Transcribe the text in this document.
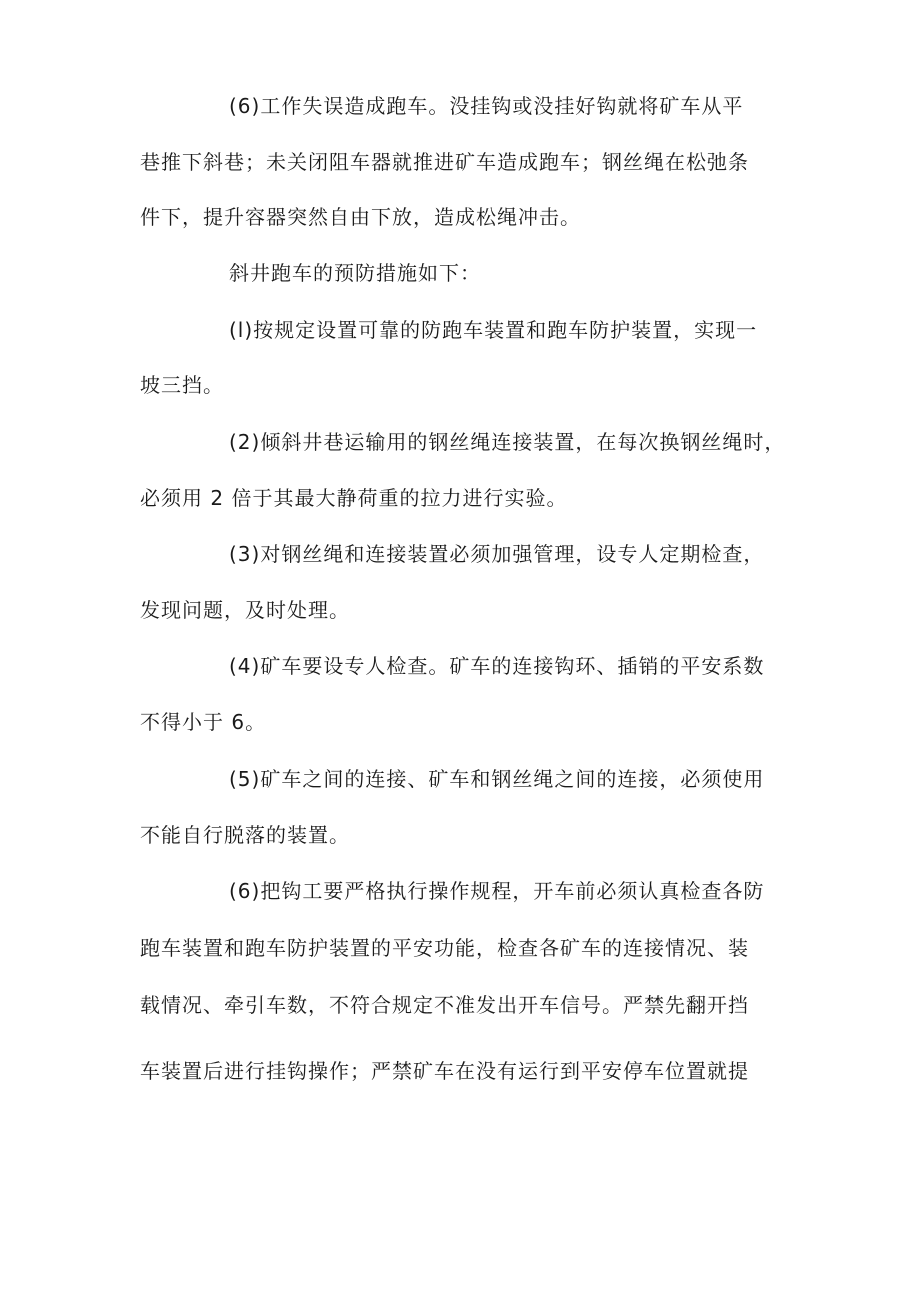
(6)工作失误造成跑车。没挂钩或没挂好钩就将矿车从平
巷推下斜巷；未关闭阻车器就推进矿车造成跑车；钢丝绳在松弛条
件下，提升容器突然自由下放，造成松绳冲击。
斜井跑车的预防措施如下：
(l)按规定设置可靠的防跑车装置和跑车防护装置，实现一
坡三挡。
(2)倾斜井巷运输用的钢丝绳连接装置，在每次换钢丝绳时，
必须用 2 倍于其最大静荷重的拉力进行实验。
(3)对钢丝绳和连接装置必须加强管理，设专人定期检查，
发现问题，及时处理。
(4)矿车要设专人检查。矿车的连接钩环、插销的平安系数
不得小于 6。
(5)矿车之间的连接、矿车和钢丝绳之间的连接，必须使用
不能自行脱落的装置。
(6)把钩工要严格执行操作规程，开车前必须认真检查各防
跑车装置和跑车防护装置的平安功能，检查各矿车的连接情况、装
载情况、牵引车数，不符合规定不准发出开车信号。严禁先翻开挡
车装置后进行挂钩操作；严禁矿车在没有运行到平安停车位置就提
